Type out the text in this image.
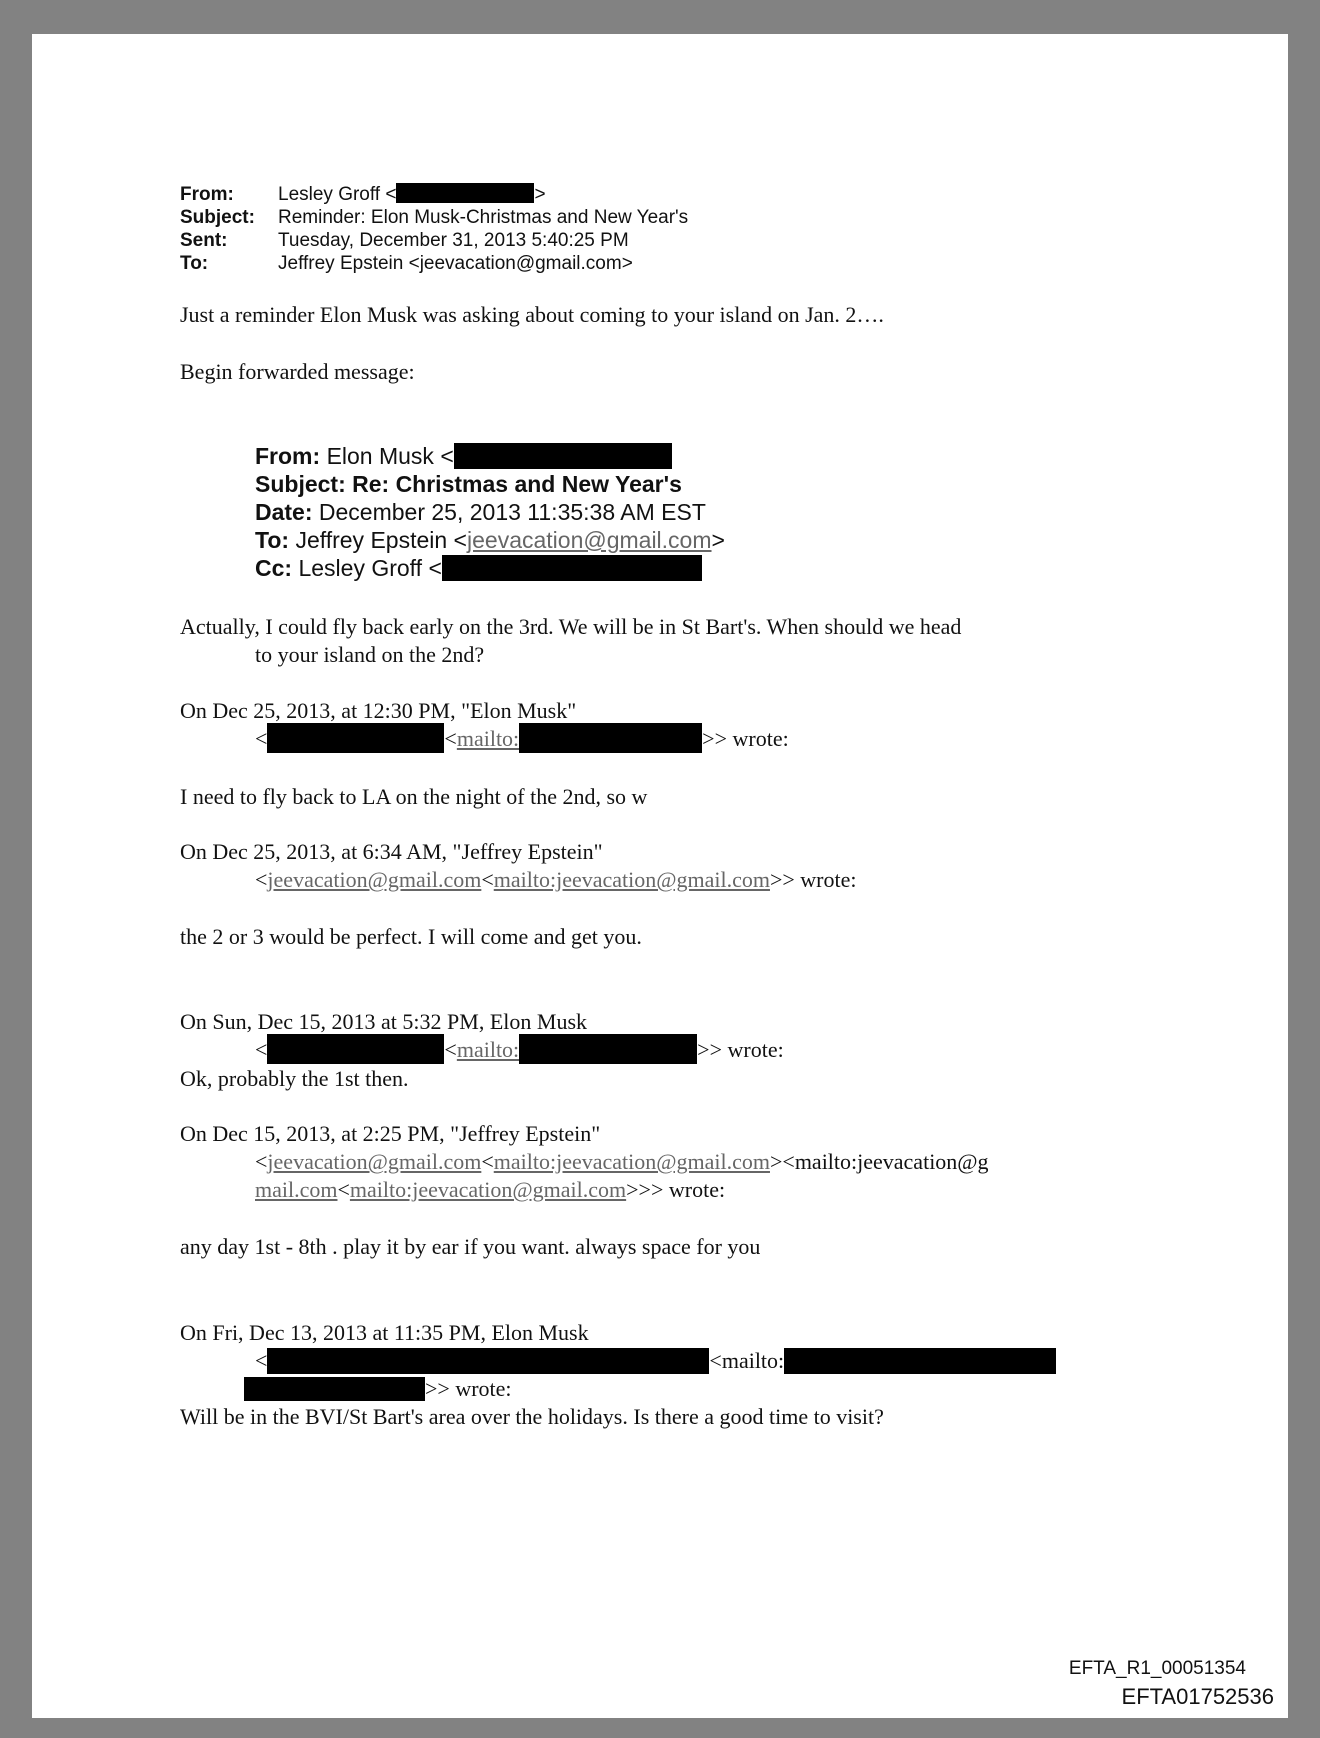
From: Lesley Groff <	>
Subject: Reminder: Elon Musk-Christmas and New Year's
Sent:	Tuesday, December 31, 2013 5:40:25 PM
To:	Jeffrey Epstein <jeevacation@gmail.com>
Just a reminder Elon Musk was asking about coming to your island on Jan. 2….
Begin forwarded message:
From: Elon Musk <
Subject: Re: Christmas and New Year's
Date: December 25, 2013 11:35:38 AM EST
To: Jeffrey Epstein <jeevacation@gmail.com>
Cc: Lesley Groff <
Actually, I could fly back early on the 3rd. We will be in St Bart's. When should we head
to your island on the 2nd?
On Dec 25, 2013, at 12:30 PM, "Elon Musk"
<	<mailto:	>> wrote:
I need to fly back to LA on the night of the 2nd, so w
On Dec 25, 2013, at 6:34 AM, "Jeffrey Epstein"
<jeevacation@gmail.com<mailto:jeevacation@gmail.com>> wrote:
the 2 or 3 would be perfect. I will come and get you.
On Sun, Dec 15, 2013 at 5:32 PM, Elon Musk
<	<mailto:	>> wrote:
Ok, probably the 1st then.
On Dec 15, 2013, at 2:25 PM, "Jeffrey Epstein"
<jeevacation@gmail.com<mailto:jeevacation@gmail.com><mailto:jeevacation@g
mail.com<mailto:jeevacation@gmail.com>>> wrote:
any day 1st - 8th . play it by ear if you want. always space for you
On Fri, Dec 13, 2013 at 11:35 PM, Elon Musk
<	<mailto:
>> wrote:
Will be in the BVI/St Bart's area over the holidays. Is there a good time to visit?
EFTA_R1_00051354
EFTA01752536
